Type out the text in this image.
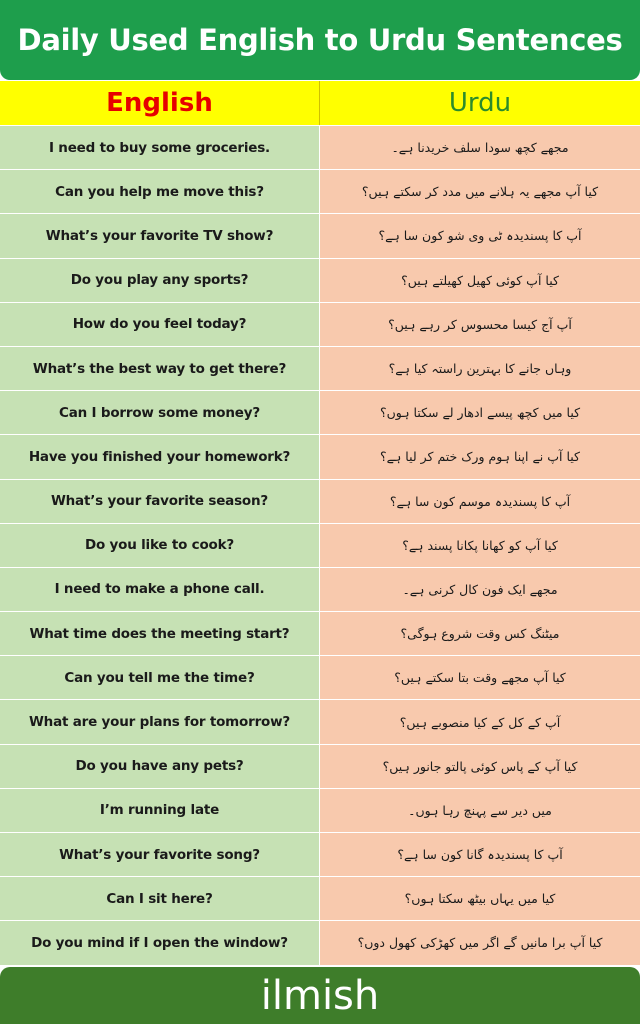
Daily Used English to Urdu Sentences
English	Urdu
I need to buy some groceries.	مجھے کچھ سودا سلف خریدنا ہے۔
Can you help me move this?	کیا آپ مجھے یہ ہلانے میں مدد کر سکتے ہیں؟
What’s your favorite TV show?	آپ کا پسندیدہ ٹی وی شو کون سا ہے؟
Do you play any sports?	کیا آپ کوئی کھیل کھیلتے ہیں؟
How do you feel today?	آپ آج کیسا محسوس کر رہے ہیں؟
What’s the best way to get there?	وہاں جانے کا بہترین راستہ کیا ہے؟
Can I borrow some money?	کیا میں کچھ پیسے ادھار لے سکتا ہوں؟
Have you finished your homework?	کیا آپ نے اپنا ہوم ورک ختم کر لیا ہے؟
What’s your favorite season?	آپ کا پسندیدہ موسم کون سا ہے؟
Do you like to cook?	کیا آپ کو کھانا پکانا پسند ہے؟
I need to make a phone call.	مجھے ایک فون کال کرنی ہے۔
What time does the meeting start?	میٹنگ کس وقت شروع ہوگی؟
Can you tell me the time?	کیا آپ مجھے وقت بتا سکتے ہیں؟
What are your plans for tomorrow?	آپ کے کل کے کیا منصوبے ہیں؟
Do you have any pets?	کیا آپ کے پاس کوئی پالتو جانور ہیں؟
I’m running late	میں دیر سے پہنچ رہا ہوں۔
What’s your favorite song?	آپ کا پسندیدہ گانا کون سا ہے؟
Can I sit here?	کیا میں یہاں بیٹھ سکتا ہوں؟
Do you mind if I open the window?	کیا آپ برا مانیں گے اگر میں کھڑکی کھول دوں؟
ilmish
